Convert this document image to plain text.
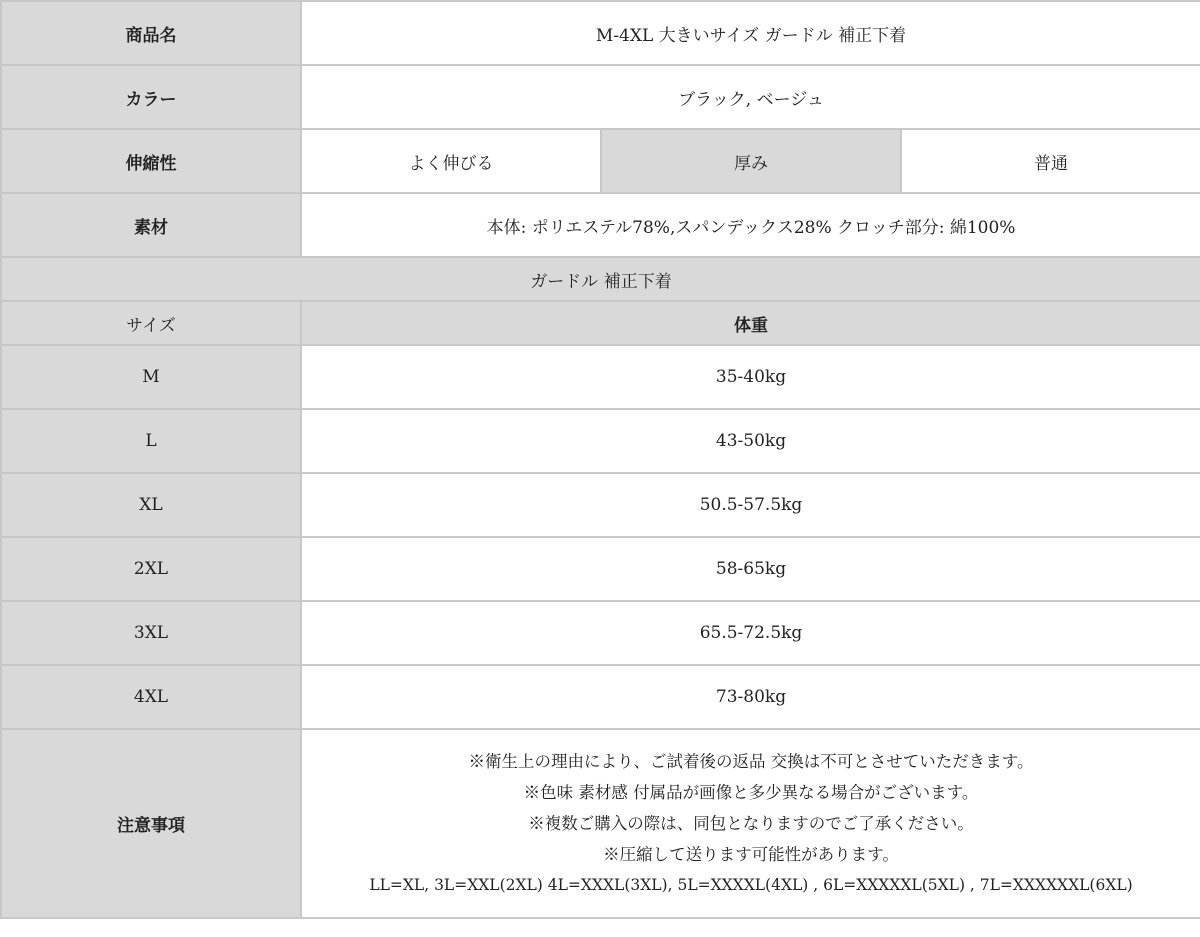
商品名	M-4XL 大きいサイズ ガードル 補正下着		
カラー	ブラック, ベージュ		
伸縮性	よく伸びる	厚み	普通
素材	本体: ポリエステル78%,スパンデックス28% クロッチ部分: 綿100%		
ガードル 補正下着			
サイズ	体重		
M	35-40kg		
L	43-50kg		
XL	50.5-57.5kg		
2XL	58-65kg		
3XL	65.5-72.5kg		
4XL	73-80kg		
注意事項	※衛生上の理由により、ご試着後の返品 交換は不可とさせていただきます。
※色味 素材感 付属品が画像と多少異なる場合がございます。
※複数ご購入の際は、同包となりますのでご了承ください。
※圧縮して送ります可能性があります。
LL=XL, 3L=XXL(2XL) 4L=XXXL(3XL), 5L=XXXXL(4XL) , 6L=XXXXXL(5XL) , 7L=XXXXXXL(6XL)		
